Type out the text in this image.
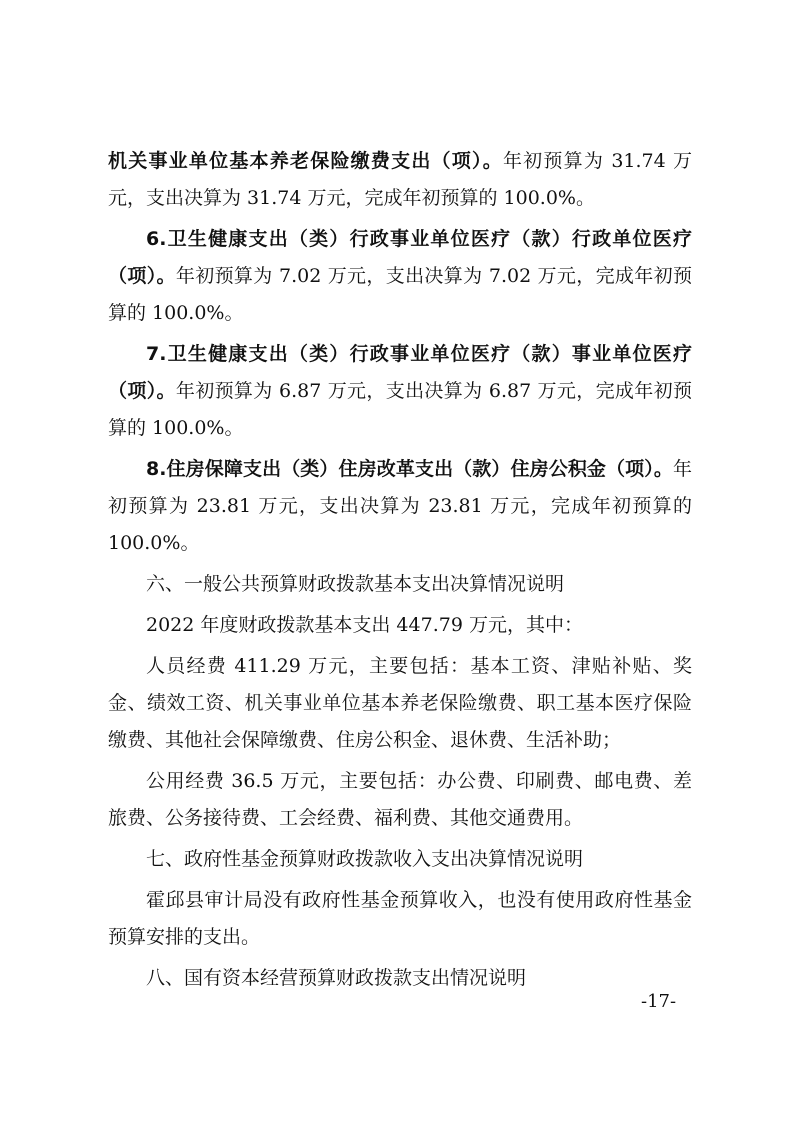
机关事业单位基本养老保险缴费支出（项）。年初预算为 31.74 万元，支出决算为 31.74 万元，完成年初预算的 100.0%。

6.卫生健康支出（类）行政事业单位医疗（款）行政单位医疗（项）。年初预算为 7.02 万元，支出决算为 7.02 万元，完成年初预算的 100.0%。

7.卫生健康支出（类）行政事业单位医疗（款）事业单位医疗（项）。年初预算为 6.87 万元，支出决算为 6.87 万元，完成年初预算的 100.0%。

8.住房保障支出（类）住房改革支出（款）住房公积金（项）。年初预算为 23.81 万元，支出决算为 23.81 万元，完成年初预算的 100.0%。

六、一般公共预算财政拨款基本支出决算情况说明

2022 年度财政拨款基本支出 447.79 万元，其中：

人员经费 411.29 万元，主要包括：基本工资、津贴补贴、奖金、绩效工资、机关事业单位基本养老保险缴费、职工基本医疗保险缴费、其他社会保障缴费、住房公积金、退休费、生活补助；

公用经费 36.5 万元，主要包括：办公费、印刷费、邮电费、差旅费、公务接待费、工会经费、福利费、其他交通费用。

七、政府性基金预算财政拨款收入支出决算情况说明

霍邱县审计局没有政府性基金预算收入，也没有使用政府性基金预算安排的支出。

八、国有资本经营预算财政拨款支出情况说明

-17-
